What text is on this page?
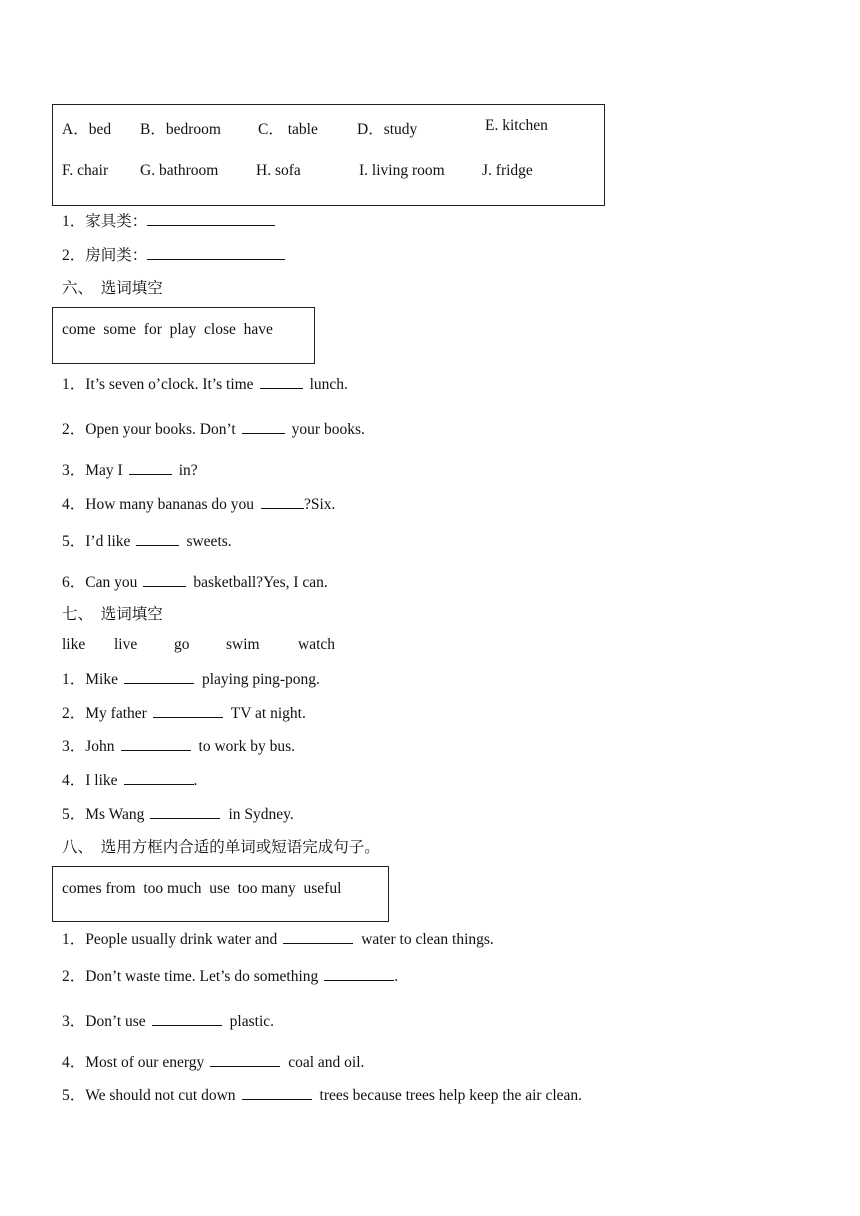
A．bed B．bedroom C． table	D．study	E. kitchen
F. chair G. bathroom H. sofa	I. living room J. fridge
1．家具类：
2．房间类：
六、  选词填空
come  some  for  play  close  have
1．It’s seven o’clock. It’s time	lunch.
2．Open your books. Don’t	your books.
3．May I	in?
4．How many bananas do you	?Six.
5．I’d like	sweets.
6．Can you	basketball?Yes, I can.
七、  选词填空
like live go swim watch
1．Mike	playing ping-pong.
2．My father	TV at night.
3．John	to work by bus.
4．I like	.
5．Ms Wang	in Sydney.
八、  选用方框内合适的单词或短语完成句子。
comes from  too much  use  too many  useful
1．People usually drink water and	water to clean things.
2．Don’t waste time. Let’s do something	.
3．Don’t use	plastic.
4．Most of our energy	coal and oil.
5．We should not cut down	trees because trees help keep the air clean.
